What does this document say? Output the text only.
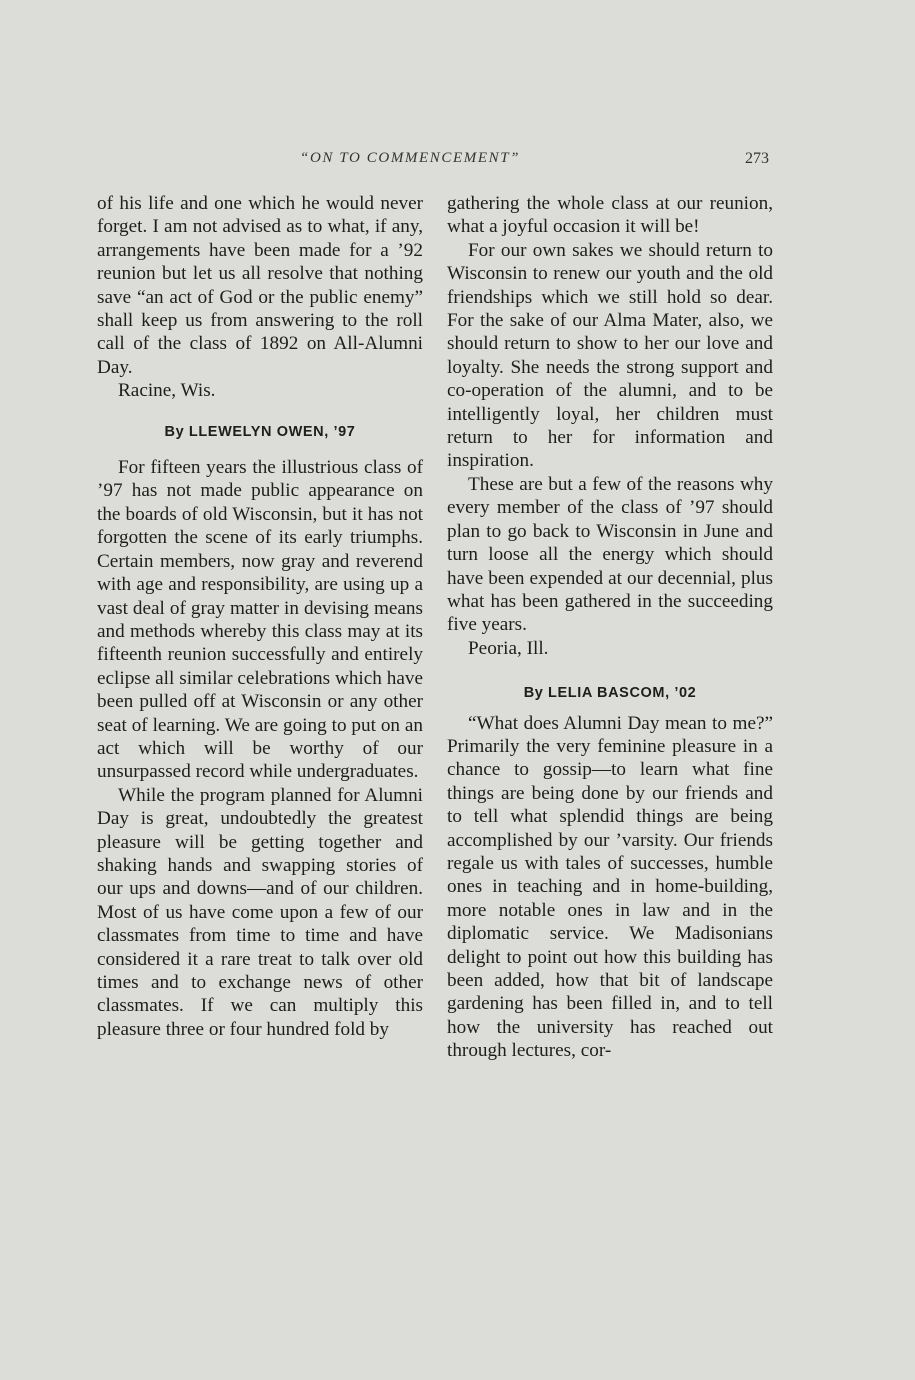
“ON TO COMMENCEMENT”	273

of his life and one which he would never forget. I am not advised as to what, if any, arrangements have been made for a ’92 reunion but let us all resolve that nothing save “an act of God or the public enemy” shall keep us from answering to the roll call of the class of 1892 on All-Alumni Day.

Racine, Wis.

By LLEWELYN OWEN, ’97

For fifteen years the illustrious class of ’97 has not made public appearance on the boards of old Wisconsin, but it has not forgotten the scene of its early triumphs. Certain members, now gray and reverend with age and responsibility, are using up a vast deal of gray matter in devising means and methods whereby this class may at its fifteenth reunion successfully and entirely eclipse all similar celebrations which have been pulled off at Wisconsin or any other seat of learning. We are going to put on an act which will be worthy of our unsurpassed record while undergraduates.

While the program planned for Alumni Day is great, undoubtedly the greatest pleasure will be getting together and shaking hands and swapping stories of our ups and downs—and of our children. Most of us have come upon a few of our classmates from time to time and have considered it a rare treat to talk over old times and to exchange news of other classmates. If we can multiply this pleasure three or four hundred fold by

gathering the whole class at our reunion, what a joyful occasion it will be!

For our own sakes we should return to Wisconsin to renew our youth and the old friendships which we still hold so dear. For the sake of our Alma Mater, also, we should return to show to her our love and loyalty. She needs the strong support and co-operation of the alumni, and to be intelligently loyal, her children must return to her for information and inspiration.

These are but a few of the reasons why every member of the class of ’97 should plan to go back to Wisconsin in June and turn loose all the energy which should have been expended at our decennial, plus what has been gathered in the succeeding five years.

Peoria, Ill.

By LELIA BASCOM, ’02

“What does Alumni Day mean to me?” Primarily the very feminine pleasure in a chance to gossip—to learn what fine things are being done by our friends and to tell what splendid things are being accomplished by our ’varsity. Our friends regale us with tales of successes, humble ones in teaching and in home-building, more notable ones in law and in the diplomatic service. We Madisonians delight to point out how this building has been added, how that bit of landscape gardening has been filled in, and to tell how the university has reached out through lectures, cor-
